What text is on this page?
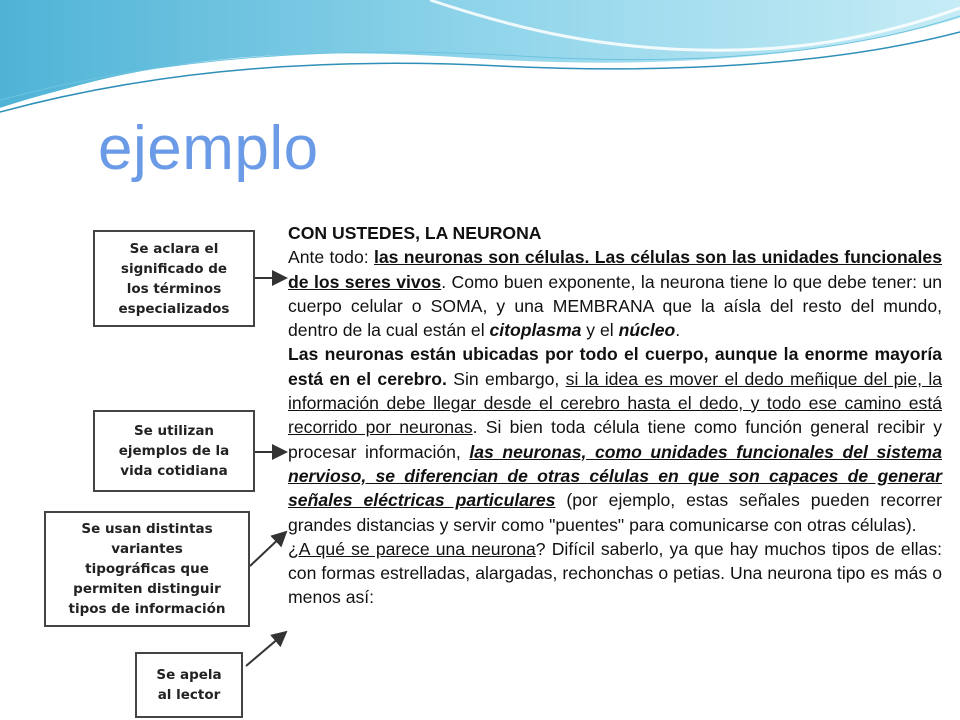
ejemplo
Se aclara el
significado de
los términos
especializados
Se utilizan
ejemplos de la
vida cotidiana
Se usan distintas
variantes
tipográficas que
permiten distinguir
tipos de información
Se apela
al lector
CON USTEDES, LA NEURONA

Ante todo: las neuronas son células. Las células son las unidades funcionales de los seres vivos. Como buen exponente, la neurona tiene lo que debe tener: un cuerpo celular o SOMA, y una MEMBRANA que la aísla del resto del mundo, dentro de la cual están el citoplasma y el núcleo.

Las neuronas están ubicadas por todo el cuerpo, aunque la enorme mayoría está en el cerebro. Sin embargo, si la idea es mover el dedo meñique del pie, la información debe llegar desde el cerebro hasta el dedo, y todo ese camino está recorrido por neuronas. Si bien toda célula tiene como función general recibir y procesar información, las neuronas, como unidades funcionales del sistema nervioso, se diferencian de otras células en que son capaces de generar señales eléctricas particulares (por ejemplo, estas señales pueden recorrer grandes distancias y servir como "puentes" para comunicarse con otras células).

¿A qué se parece una neurona? Difícil saberlo, ya que hay muchos tipos de ellas: con formas estrelladas, alargadas, rechonchas o petias. Una neurona tipo es más o menos así:
